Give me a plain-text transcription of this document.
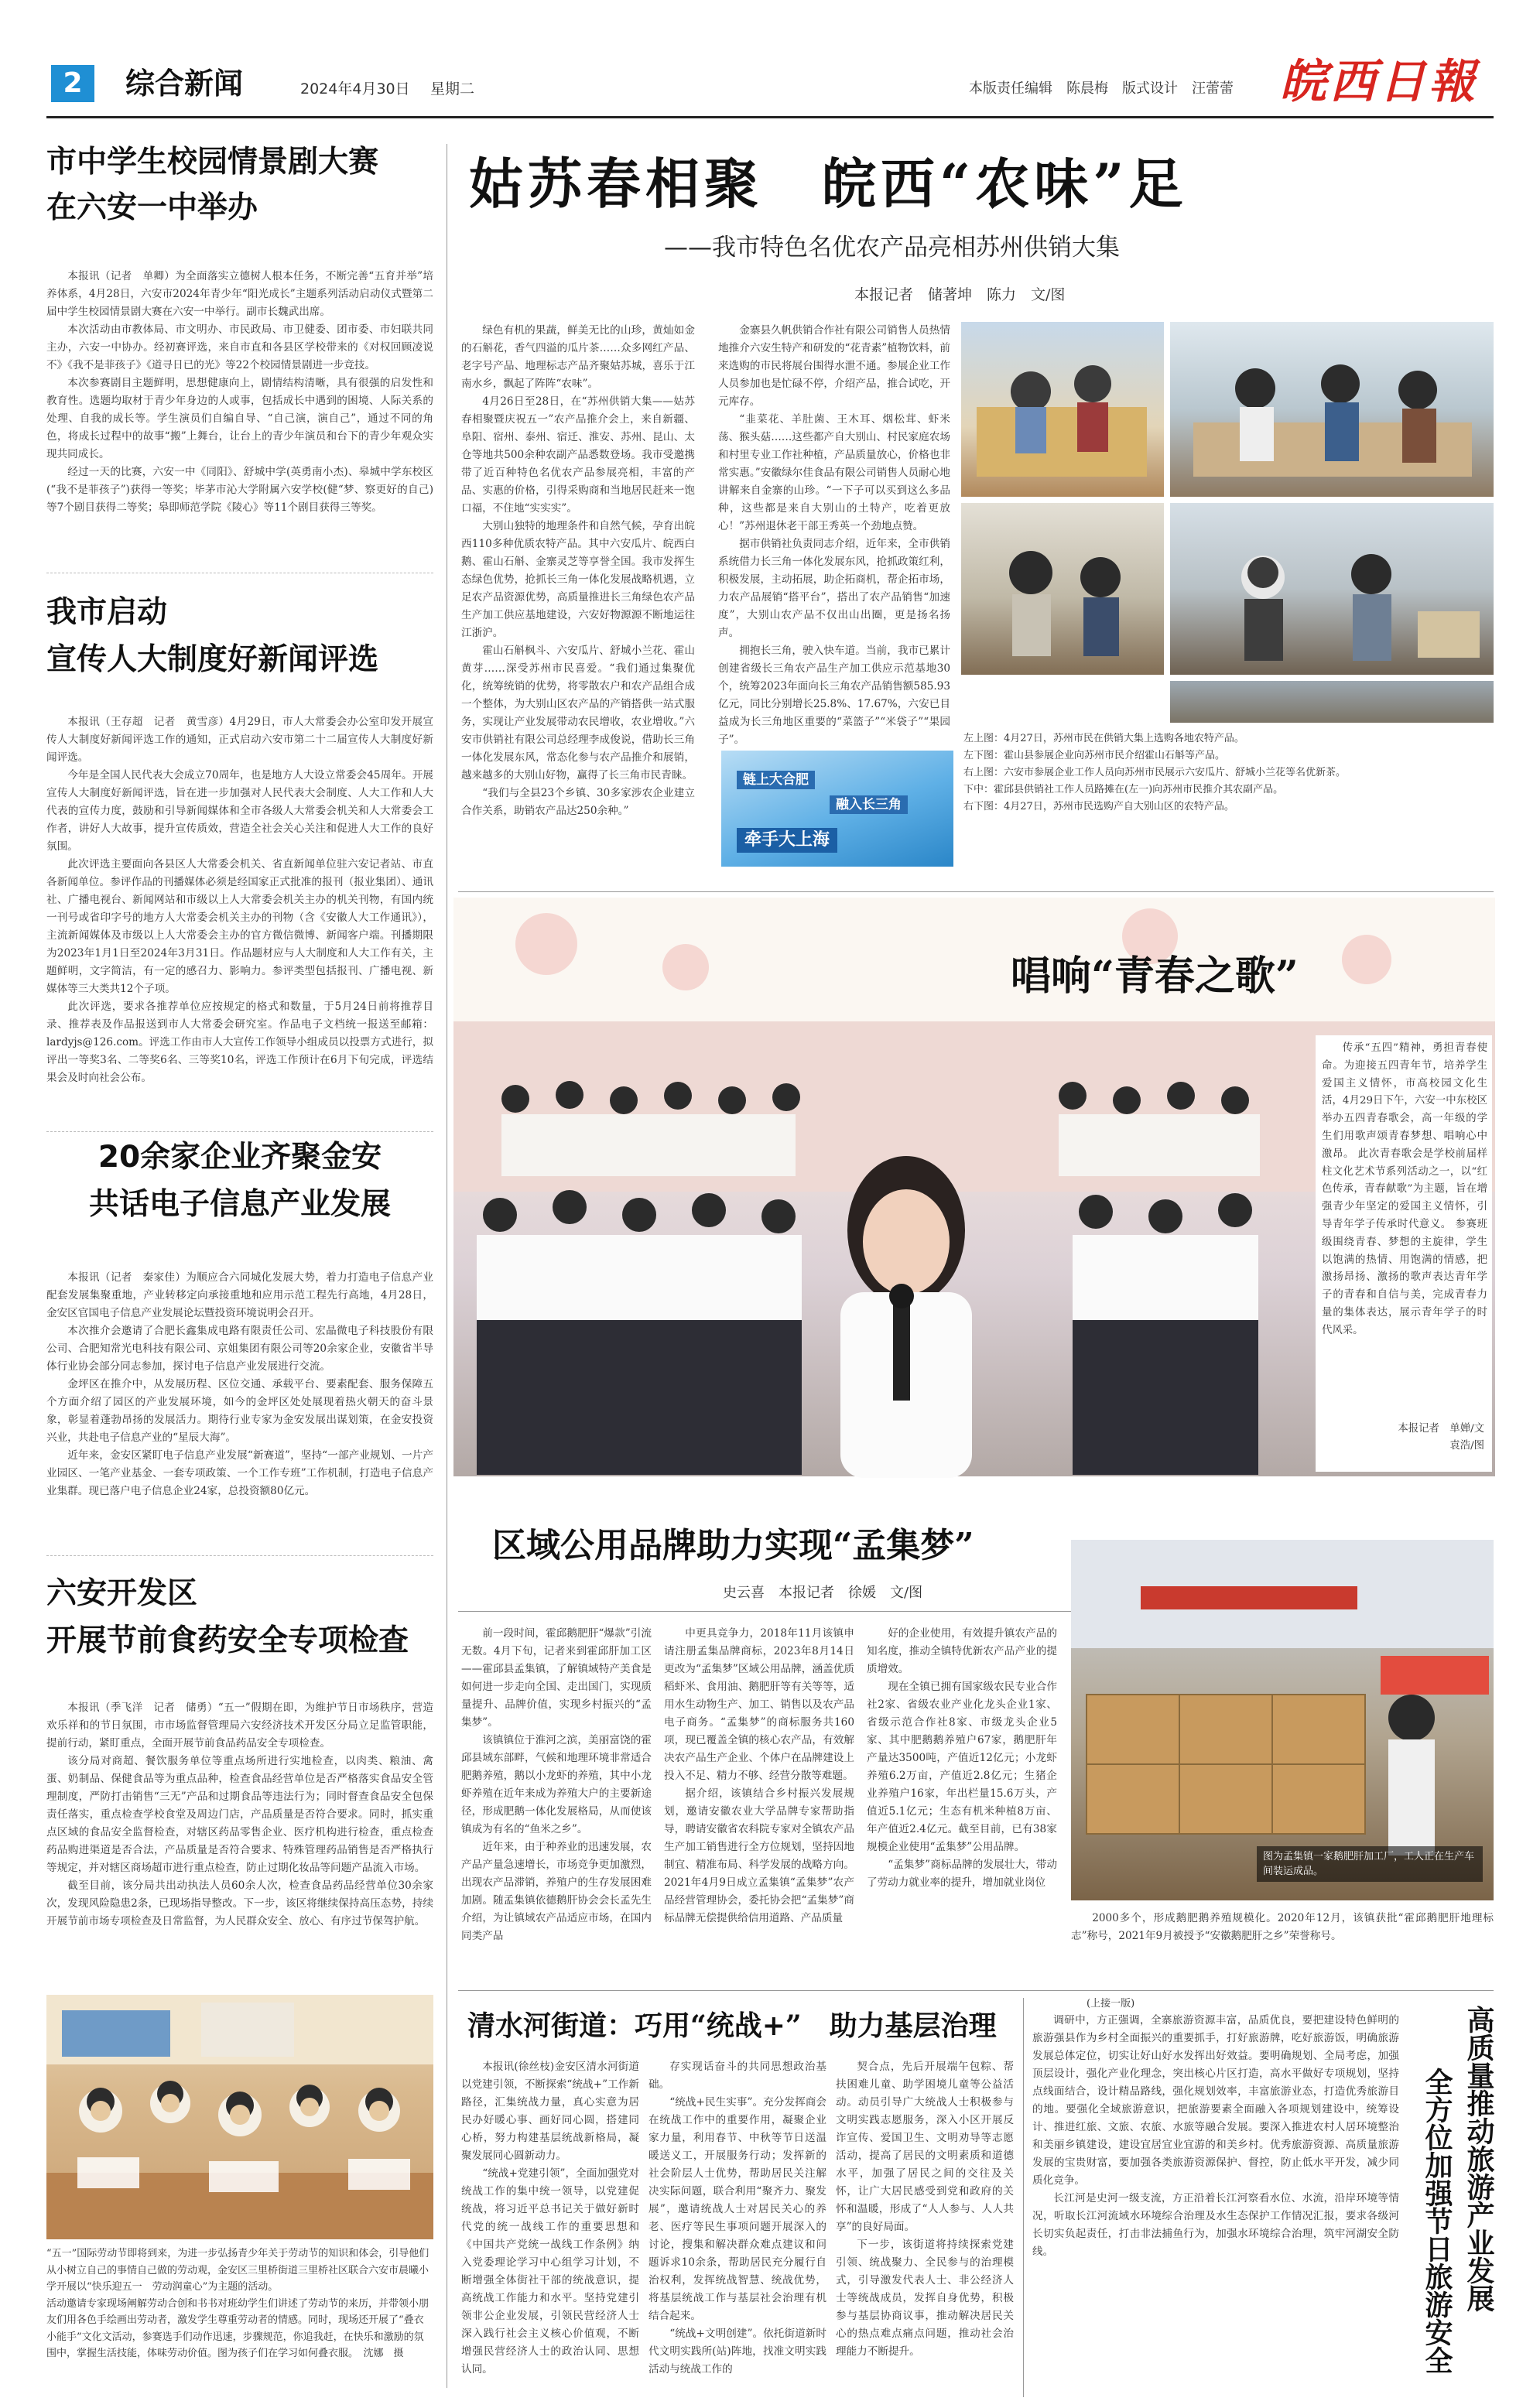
2	综合新闻	2024年4月30日 星期二	本版责任编辑　陈晨梅　版式设计　汪蕾蕾 皖西日報
市中学生校园情景剧大赛
在六安一中举办

本报讯（记者　单卿）为全面落实立德树人根本任务，不断完善“五育并举”培养体系，4月28日，六安市2024年青少年“阳光成长”主题系列活动启动仪式暨第二届中学生校园情景剧大赛在六安一中举行。副市长魏武出席。

本次活动由市教体局、市文明办、市民政局、市卫健委、团市委、市妇联共同主办，六安一中协办。经初赛评选，来自市直和各县区学校带来的《对权回顾凌说不》《我不是菲孩子》《道寻日已的光》等22个校园情景剧进一步竞技。

本次参赛剧目主题鲜明，思想健康向上，剧情结构清晰，具有很强的启发性和教育性。选题均取材于青少年身边的人或事，包括成长中遇到的困境、人际关系的处理、自我的成长等。学生演员们自编自导、“自己演，演自己”，通过不同的角色，将成长过程中的故事“搬”上舞台，让台上的青少年演员和台下的青少年观众实现共同成长。

经过一天的比赛，六安一中《同阳》、舒城中学(英勇南小杰)、皋城中学东校区(“我不是菲孩子”)获得一等奖；毕茅市沁大学附属六安学校(健“梦、察更好的自己)等7个剧目获得二等奖；皋即师范学院《陵心》等11个剧目获得三等奖。

我市启动
宣传人大制度好新闻评选

本报讯（王存超　记者　黄雪彦）4月29日，市人大常委会办公室印发开展宣传人大制度好新闻评选工作的通知，正式启动六安市第二十二届宣传人大制度好新闻评选。

今年是全国人民代表大会成立70周年，也是地方人大设立常委会45周年。开展宣传人大制度好新闻评选，旨在进一步加强对人民代表大会制度、人大工作和人大代表的宣传力度，鼓励和引导新闻媒体和全市各级人大常委会机关和人大常委会工作者，讲好人大故事，提升宣传质效，营造全社会关心关注和促进人大工作的良好氛围。

此次评选主要面向各县区人大常委会机关、省直新闻单位驻六安记者站、市直各新闻单位。参评作品的刊播媒体必须是经国家正式批准的报刊（报业集团）、通讯社、广播电视台、新闻网站和市级以上人大常委会机关主办的机关刊物，有国内统一刊号或省印字号的地方人大常委会机关主办的刊物（含《安徽人大工作通讯》），主流新闻媒体及市级以上人大常委会主办的官方微信微博、新闻客户端。刊播期限为2023年1月1日至2024年3月31日。作品题材应与人大制度和人大工作有关，主题鲜明，文字简洁，有一定的感召力、影响力。参评类型包括报刊、广播电视、新媒体等三大类共12个子项。

此次评选，要求各推荐单位应按规定的格式和数量，于5月24日前将推荐目录、推荐表及作品报送到市人大常委会研究室。作品电子文档统一报送至邮箱：lardyjs@126.com。评选工作由市人大宣传工作领导小组成员以投票方式进行，拟评出一等奖3名、二等奖6名、三等奖10名，评选工作预计在6月下旬完成，评选结果会及时向社会公布。

20余家企业齐聚金安
共话电子信息产业发展

本报讯（记者　秦家佳）为顺应合六同城化发展大势，着力打造电子信息产业配套发展集聚重地，产业转移定向承接重地和应用示范工程先行高地，4月28日，金安区官国电子信息产业发展论坛暨投资环境说明会召开。

本次推介会邀请了合肥长鑫集成电路有限责任公司、宏晶微电子科技股份有限公司、合肥知常光电科技有限公司、京姐集团有限公司等20余家企业，安徽省半导体行业协会部分同志参加，探讨电子信息产业发展进行交流。

金坪区在推介中，从发展历程、区位交通、承载平台、要素配套、服务保障五个方面介绍了园区的产业发展环境，如今的金坪区处处展现着热火朝天的奋斗景象，彰显着蓬勃昂扬的发展活力。期待行业专家为金安发展出谋划策，在金安投资兴业，共赴电子信息产业的“星辰大海”。

近年来，金安区紧盯电子信息产业发展“新赛道”，坚持“一部产业规划、一片产业园区、一笔产业基金、一套专项政策、一个工作专班”工作机制，打造电子信息产业集群。现已落户电子信息企业24家，总投资额80亿元。

六安开发区
开展节前食药安全专项检查

本报讯（季飞洋　记者　储勇）“五一”假期在即，为维护节日市场秩序，营造欢乐祥和的节日氛围，市市场监督管理局六安经济技术开发区分局立足监管职能，提前行动，紧盯重点，全面开展节前食品药品安全专项检查。

该分局对商超、餐饮服务单位等重点场所进行实地检查，以肉类、粮油、禽蛋、奶制品、保健食品等为重点品种，检查食品经营单位是否严格落实食品安全管理制度，严防打击销售“三无”产品和过期食品等违法行为；同时督查食品安全包保责任落实，重点检查学校食堂及周边门店，产品质量是否符合要求。同时，抓实重点区域的食品安全监督检查，对辖区药品零售企业、医疗机构进行检查，重点检查药品购进渠道是否合法，产品质量是否符合要求、特殊管理药品销售是否严格执行等规定，并对辖区商场超市进行重点检查，防止过期化妆品等问题产品流入市场。

截至目前，该分局共出动执法人员60余人次，检查食品药品经营单位30余家次，发现风险隐患2条，已现场指导整改。下一步，该区将继续保持高压态势，持续开展节前市场专项检查及日常监督，为人民群众安全、放心、有序过节保驾护航。

“五一”国际劳动节即将到来，为进一步弘扬青少年关于劳动节的知识和体会，引导他们从小树立自己的事情自己做的劳动观，金安区三里桥街道三里桥社区联合六安市晨曦小学开展以“快乐迎五一　劳动润童心”为主题的活动。
活动邀请专家现场阐解劳动合创和书书对班幼学生们讲述了劳动节的来历，并带领小朋友们用各色手绘画出劳动者，激发学生尊重劳动者的情感。同时，现场还开展了“叠衣小能手”文化文活动，参赛选手们动作迅速，步骤规范，你追我赶，在快乐和激励的氛围中，掌握生活技能，体味劳动价值。图为孩子们在学习如何叠衣服。　沈娜　摄
姑苏春相聚　皖西“农味”足
——我市特色名优农产品亮相苏州供销大集
本报记者　储著坤　陈力　文/图

绿色有机的果蔬，鲜美无比的山珍，黄灿如金的石斛花，香气四溢的瓜片茶……众多网红产品、老字号产品、地理标志产品齐聚姑苏城，喜乐于江南水乡，飘起了阵阵“农味”。

4月26日至28日，在“苏州供销大集——姑苏春相聚暨庆祝五一”农产品推介会上，来自新疆、阜阳、宿州、泰州、宿迁、淮安、苏州、昆山、太仓等地共500余种农副产品悉数登场。我市受邀携带了近百种特色名优农产品参展亮相，丰富的产品、实惠的价格，引得采购商和当地居民赶来一饱口福，不住地“实实实”。

大别山独特的地理条件和自然气候，孕育出皖西110多种优质农特产品。其中六安瓜片、皖西白鹅、霍山石斛、金寨灵芝等享誉全国。我市发挥生态绿色优势，抢抓长三角一体化发展战略机遇，立足农产品资源优势，高质量推进长三角绿色农产品生产加工供应基地建设，六安好物源源不断地运往江浙沪。

霍山石斛枫斗、六安瓜片、舒城小兰花、霍山黄芽……深受苏州市民喜爱。“我们通过集聚优化，统筹统销的优势，将零散农户和农产品组合成一个整体，为大别山区农产品的产销搭供一站式服务，实现让产业发展带动农民增收，农业增收。”六安市供销社有限公司总经理李成俊说，借助长三角一体化发展东风，常态化参与农产品推介和展销，越来越多的大别山好物，赢得了长三角市民青睐。

“我们与全县23个乡镇、30多家涉农企业建立合作关系，助销农产品达250余种。”

金寨县久帆供销合作社有限公司销售人员热情地推介六安生特产和研发的“花青素”植物饮料，前来选购的市民将展台围得水泄不通。参展企业工作人员参加也是忙碌不停，介绍产品，推合试吃，开元库存。

“韭菜花、羊肚菌、王木耳、烟松茸、虾米荡、猴头菇……这些都产自大别山、村民家庭农场和村里专业工作社种植，产品质量放心，价格也非常实惠。”安徽绿尔佳食品有限公司销售人员耐心地讲解来自金寨的山珍。“一下子可以买到这么多品种，这些都是来自大别山的土特产，吃着更放心！”苏州退休老干部王秀英一个劲地点赞。

据市供销社负责同志介绍，近年来，全市供销系统借力长三角一体化发展东风，抢抓政策红利，积极发展，主动拓展，助企拓商机，帮企拓市场，力农产品展销“搭平台”，搭出了农产品销售“加速度”，大别山农产品不仅出山出圈，更是扬名扬声。

拥抱长三角，驶入快车道。当前，我市已累计创建省级长三角农产品生产加工供应示范基地30个，统筹2023年面向长三角农产品销售额585.93亿元，同比分别增长25.8%、17.67%，六安已目益成为长三角地区重要的“菜篮子”“米袋子”“果园子”。

链上大合肥
融入长三角
牵手大上海
左上图：4月27日，苏州市民在供销大集上选购各地农特产品。
左下图：霍山县参展企业向苏州市民介绍霍山石斛等产品。
右上图：六安市参展企业工作人员向苏州市民展示六安瓜片、舒城小兰花等名优新茶。
下中：霍邱县供销社工作人员路摊在(左一)向苏州市民推介其农副产品。
右下图：4月27日，苏州市民选购产自大别山区的农特产品。
唱响“青春之歌”
传承“五四”精神，勇担青春使命。为迎接五四青年节，培养学生爱国主义情怀，市高校园文化生活，4月29日下午，六安一中东校区举办五四青春歌会，高一年级的学生们用歌声颂青春梦想、唱响心中激昂。 此次青春歌会是学校前届样柱文化艺术节系列活动之一，以“红色传承，青春献歌”为主题，旨在增强青少年坚定的爱国主义情怀，引导青年学子传承时代意义。 参赛班级围绕青春、梦想的主旋律，学生以饱满的热情、用饱满的情感，把激扬昂扬、激扬的歌声表达青年学子的青春和自信与美，完成青春力量的集体表达，展示青年学子的时代风采。
本报记者　单婵/文
　　　　　　　　袁浩/图
区域公用品牌助力实现“孟集梦”
史云喜　本报记者　徐媛　文/图

前一段时间，霍邱鹅肥肝“爆款”引流无数。4月下旬，记者来到霍邱肝加工区——霍邱县孟集镇，了解镇域特产美食是如何进一步走向全国、走出国门，实现质量提升、品牌价值，实现乡村振兴的“孟集梦”。

该镇镇位于淮河之滨，美丽富饶的霍邱县域东部畔，气候和地理环境非常适合肥鹅养殖，鹅以小龙虾的养殖，其中小龙虾养殖在近年来成为养殖大户的主要新途径，形成肥鹅一体化发展格局，从而使该镇成为有名的“鱼米之乡”。

近年来，由于种养业的迅速发展，农产品产量急速增长，市场竞争更加激烈，出现农产品滞销，养殖户的生存发展困难加剧。随孟集镇依德鹅肝协会会长孟先生介绍，为让镇域农产品适应市场，在国内同类产品

中更具竞争力，2018年11月该镇申请注册孟集品牌商标，2023年8月14日更改为“孟集梦”区域公用品牌，涵盖优质稻虾米、食用油、鹅肥肝等有关等等，适用水生动物生产、加工、销售以及农产品电子商务。“孟集梦”的商标服务共160项，现已覆盖全镇的核心农产品，有效解决农产品生产企业、个体户在品牌建设上投入不足、精力不够、经营分散等难题。

据介绍，该镇结合乡村振兴发展规划，邀请安徽农业大学品牌专家帮助指导，聘请安徽省农科院专家对全镇农产品生产加工销售进行全方位规划，坚持因地制宜、精准布局、科学发展的战略方向。2021年4月9日成立孟集镇“孟集梦”农产品经营管理协会，委托协会把“孟集梦”商标品牌无偿提供给信用道路、产品质量

好的企业使用，有效提升镇农产品的知名度，推动全镇特优新农产品产业的提质增效。

现在全镇已拥有国家级农民专业合作社2家、省级农业产业化龙头企业1家、省级示范合作社8家、市级龙头企业5家、其中肥鹅鹅养殖户67家，鹅肥肝年产量达3500吨，产值近12亿元；小龙虾养殖6.2万亩，产值近2.8亿元；生猪企业养殖户16家，年出栏量15.6万头，产值近5.1亿元；生态有机米种植8万亩、年产值近2.4亿元。截至目前，已有38家规模企业使用“孟集梦”公用品牌。

“孟集梦”商标品牌的发展壮大，带动了劳动力就业率的提升，增加就业岗位

图为孟集镇一家鹅肥肝加工厂，工人正在生产车间装运成品。
2000多个，形成鹅肥鹅养殖规模化。2020年12月，该镇获批“霍邱鹅肥肝地理标志”称号，2021年9月被授予“安徽鹅肥肝之乡”荣誉称号。
清水河街道：巧用“统战+”　助力基层治理

本报讯(徐丝枝)金安区清水河街道以党建引领，不断探索“统战+”工作新路径，汇集统战力量，真心实意为居民办好暖心事、画好同心圆，搭建同心桥，努力构建基层统战新格局，凝聚发展同心圆新动力。

“统战+党建引领”，全面加强党对统战工作的集中统一领导，以党建促统战，将习近平总书记关于做好新时代党的统一战线工作的重要思想和《中国共产党统一战线工作条例》纳入党委理论学习中心组学习计划，不断增强全体街社干部的统战意识，提高统战工作能力和水平。坚持党建引领非公企业发展，引领民营经济人士深入践行社会主义核心价值观，不断增强民营经济人士的政治认同、思想认同。

存实现话奋斗的共同思想政治基础。

“统战+民生实事”。充分发挥商会在统战工作中的重要作用，凝聚企业家力量，利用春节、中秋等节日送温暖送义工，开展服务行动；发挥新的社会阶层人士优势，帮助居民关注解决实际问题，联合利用“聚齐力、聚发展”，邀请统战人士对居民关心的养老、医疗等民生事项问题开展深入的讨论，搜集和解决群众难点建议和问题诉求10余条，帮助居民充分履行自治权利，发挥统战智慧、统战优势，将基层统战工作与基层社会治理有机结合起来。

“统战+文明创建”。依托街道新时代文明实践所(站)阵地，找准文明实践活动与统战工作的

契合点，先后开展端午包粽、帮扶困难儿童、助学困境儿童等公益活动。动员引导广大统战人士积极参与文明实践志愿服务，深入小区开展反诈宣传、爱国卫生、文明劝导等志愿活动，提高了居民的文明素质和道德水平，加强了居民之间的交往及关怀，让广大居民感受到党和政府的关怀和温暖，形成了“人人参与、人人共享”的良好局面。

下一步，该街道将持续探索党建引领、统战聚力、全民参与的治理模式，引导激发代表人士、非公经济人士等统战成员，发挥自身优势，积极参与基层协商议事，推动解决居民关心的热点难点痛点问题，推动社会治理能力不断提升。

(上接一版)

调研中，方正强调，全寨旅游资源丰富，品质优良，要把建设特色鲜明的旅游强县作为乡村全面振兴的重要抓手，打好旅游牌，吃好旅游饭，明确旅游发展总体定位，切实让好山好水发挥出好效益。要明确规划、全局考虑，加强顶层设计，强化产业化理念，突出核心片区打造，高水平做好专项规划，坚持点线面结合，设计精品路线，强化规划效率，丰富旅游业态，打造优秀旅游目的地。要强化全域旅游意识，把旅游要素全面融入各项规划建设中，统筹设计、推进红旅、文旅、农旅、水旅等融合发展。要深入推进农村人居环境整治和美丽乡镇建设，建设宜居宜业宜游的和美乡村。优秀旅游资源、高质量旅游发展的宝贵财富，要加强各类旅游资源保护、督控，防止低水平开发，减少同质化竞争。

长江河是史河一级支流，方正沿着长江河察看水位、水流，沿岸环境等情况，听取长江河流域水环境综合治理及水生态保护工作情况汇报，要求各级河长切实负起责任，打击非法捕鱼行为，加强水环境综合治理，筑牢河湖安全防线。	高质量推动旅游产业发展
全方位加强节日旅游安全
